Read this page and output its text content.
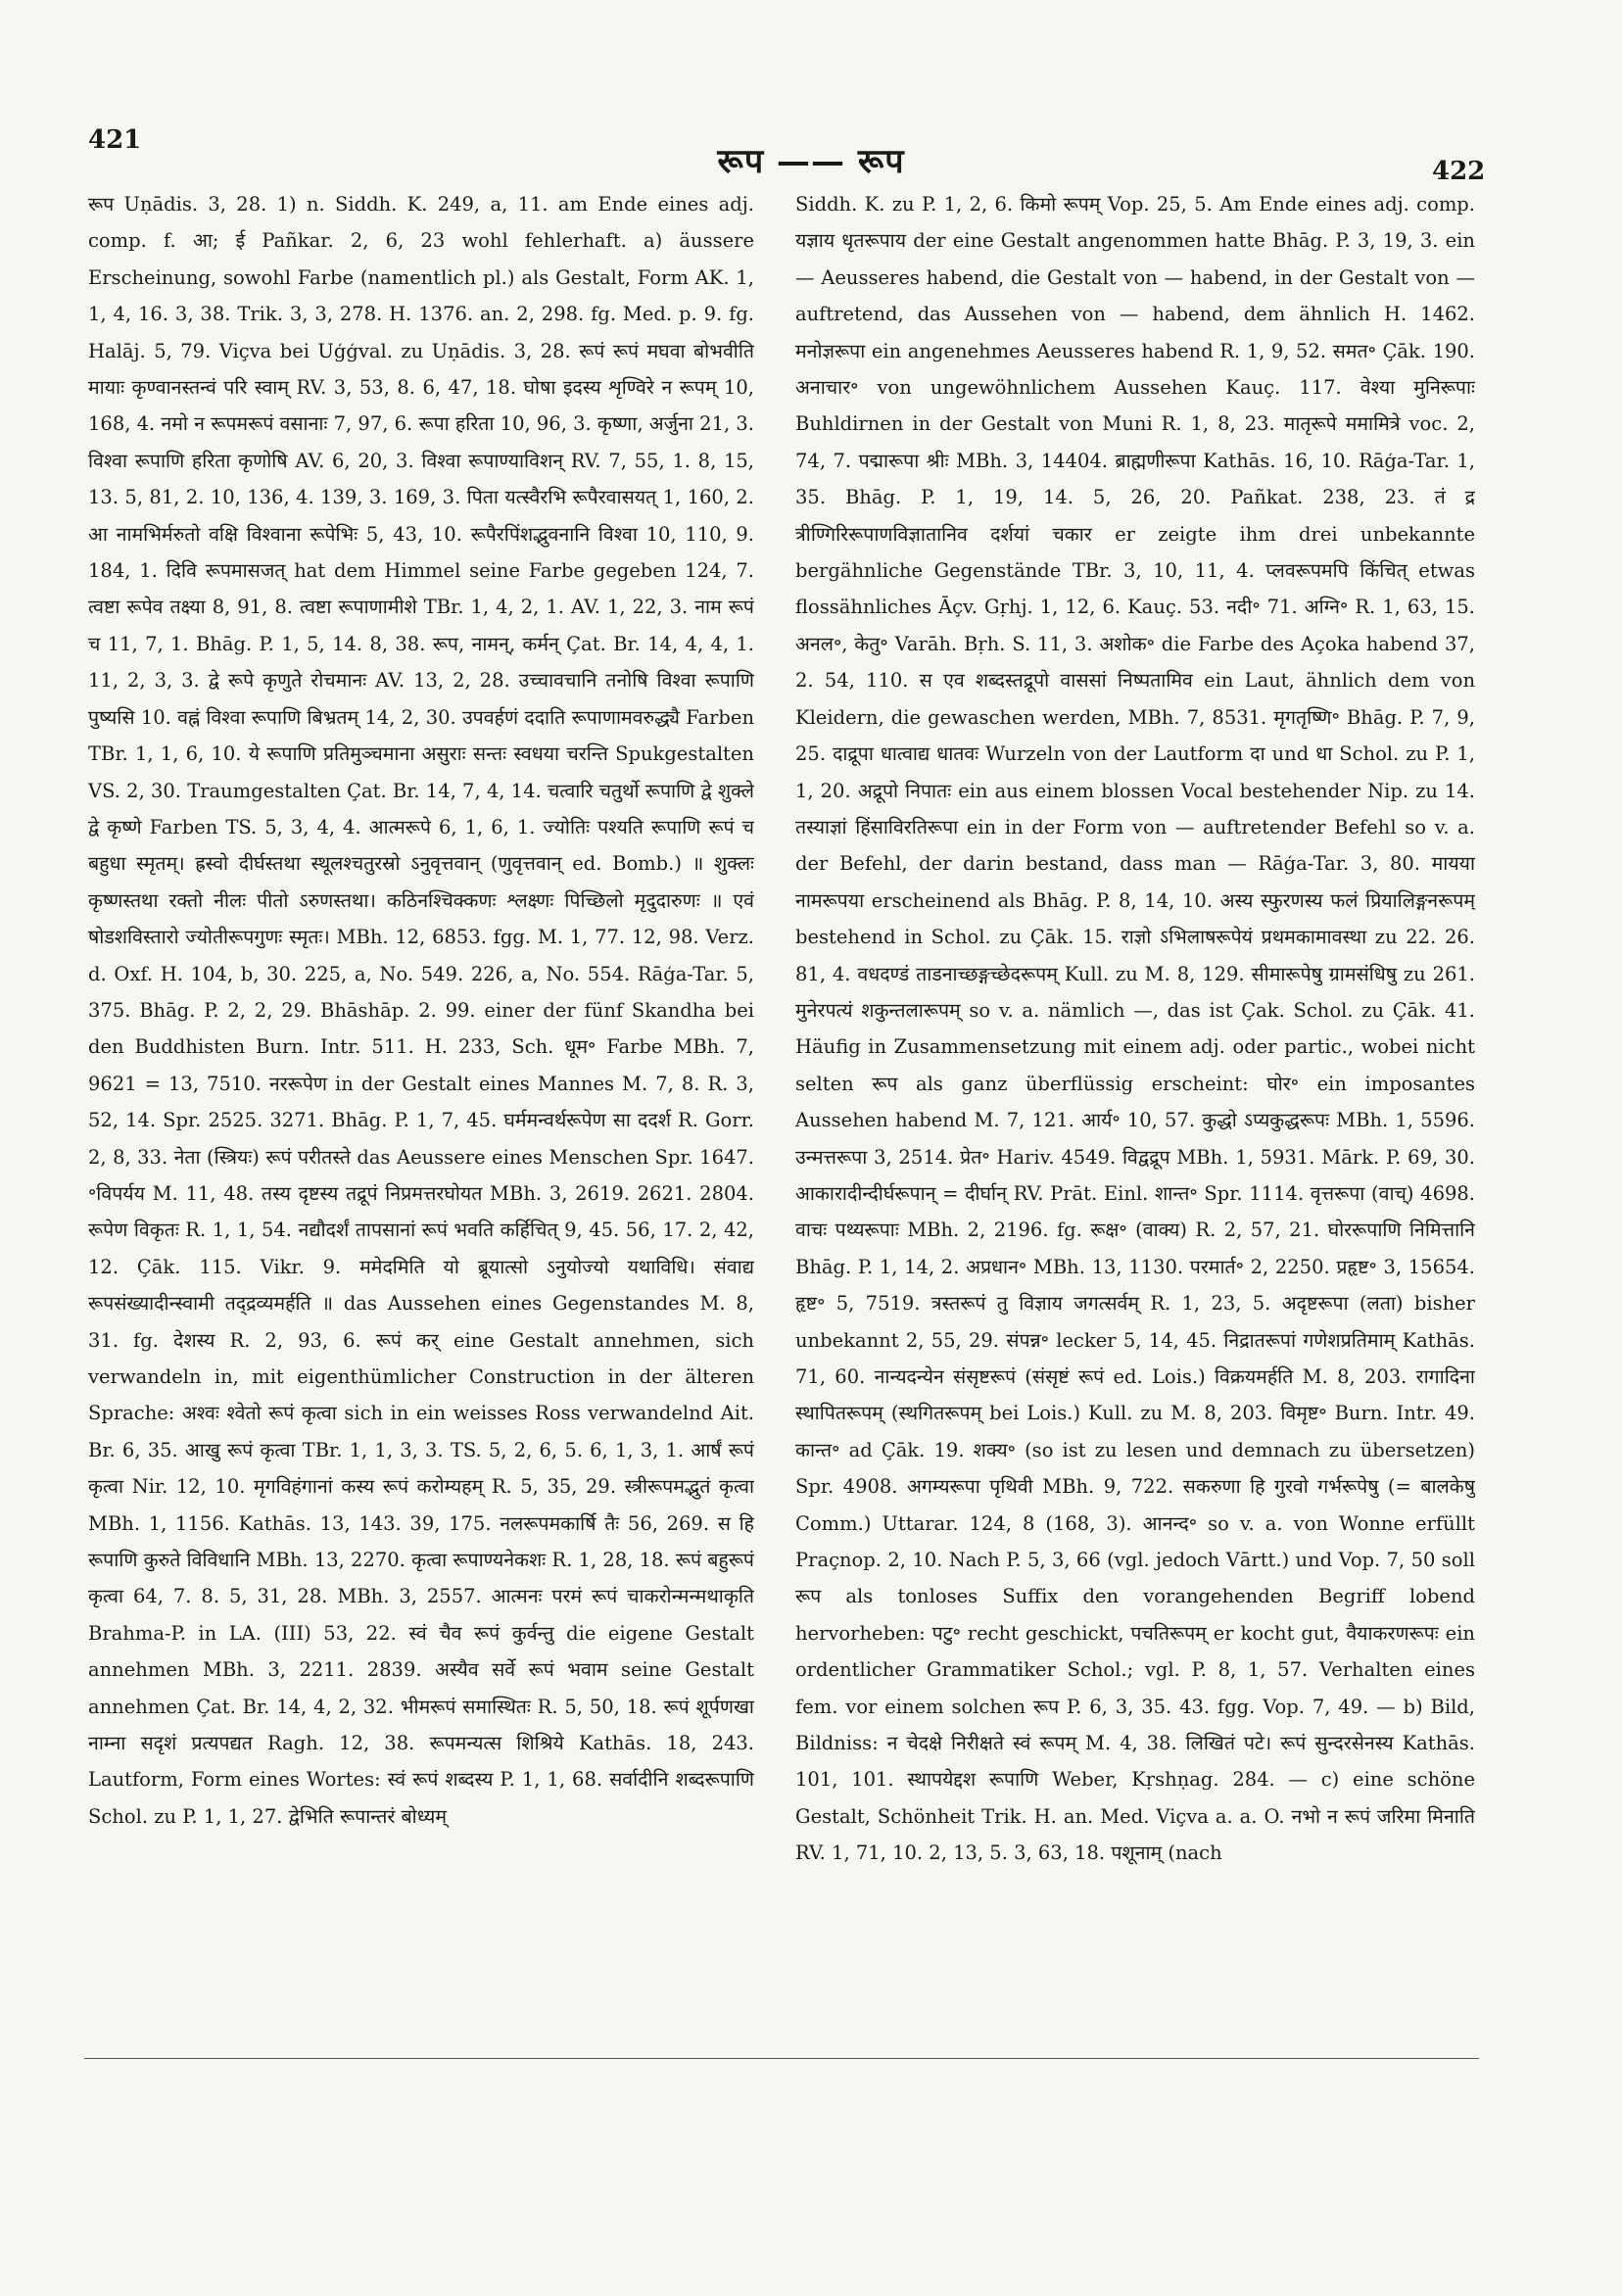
421
रूप —— रूप	422

रूप Uṇādis. 3, 28. 1) n. Siddh. K. 249, a, 11. am Ende eines adj. comp. f. आ; ई Pañkar. 2, 6, 23 wohl fehlerhaft. a) äussere Erscheinung, sowohl Farbe (namentlich pl.) als Gestalt, Form AK. 1, 1, 4, 16. 3, 38. Trik. 3, 3, 278. H. 1376. an. 2, 298. fg. Med. p. 9. fg. Halāj. 5, 79. Viçva bei Uģģval. zu Uṇādis. 3, 28. रूपं रूपं मघवा बोभवीति मायाः कृण्वानस्तन्वं परि स्वाम् RV. 3, 53, 8. 6, 47, 18. घोषा इदस्य शृण्विरे न रूपम् 10, 168, 4. नमो न रूपमरूपं वसानाः 7, 97, 6. रूपा हरिता 10, 96, 3. कृष्णा, अर्जुना 21, 3. विश्वा रूपाणि हरिता कृणोषि AV. 6, 20, 3. विश्वा रूपाण्याविशन् RV. 7, 55, 1. 8, 15, 13. 5, 81, 2. 10, 136, 4. 139, 3. 169, 3. पिता यत्स्वैरभि रूपैरवासयत् 1, 160, 2. आ नामभिर्मरुतो वक्षि विश्वाना रूपेभिः 5, 43, 10. रूपैरपिंशद्भुवनानि विश्वा 10, 110, 9. 184, 1. दिवि रूपमासजत् hat dem Himmel seine Farbe gegeben 124, 7. त्वष्टा रूपेव तक्ष्या 8, 91, 8. त्वष्टा रूपाणामीशे TBr. 1, 4, 2, 1. AV. 1, 22, 3. नाम रूपं च 11, 7, 1. Bhāg. P. 1, 5, 14. 8, 38. रूप, नामन्, कर्मन् Çat. Br. 14, 4, 4, 1. 11, 2, 3, 3. द्वे रूपे कृणुते रोचमानः AV. 13, 2, 28. उच्चावचानि तनोषि विश्वा रूपाणि पुष्यसि 10. वह्नं विश्वा रूपाणि बिभ्रतम् 14, 2, 30. उपवर्हणं ददाति रूपाणामवरुद्ध्यै Farben TBr. 1, 1, 6, 10. ये रूपाणि प्रतिमुञ्चमाना असुराः सन्तः स्वधया चरन्ति Spukgestalten VS. 2, 30. Traumgestalten Çat. Br. 14, 7, 4, 14. चत्वारि चतुर्थो रूपाणि द्वे शुक्ले द्वे कृष्णे Farben TS. 5, 3, 4, 4. आत्मरूपे 6, 1, 6, 1. ज्योतिः पश्यति रूपाणि रूपं च बहुधा स्मृतम्। ह्रस्वो दीर्घस्तथा स्थूलश्चतुरस्रो ऽनुवृत्तवान् (णुवृत्तवान् ed. Bomb.) ॥ शुक्लः कृष्णस्तथा रक्तो नीलः पीतो ऽरुणस्तथा। कठिनश्चिक्कणः श्लक्ष्णः पिच्छिलो मृदुदारुणः ॥ एवं षोडशविस्तारो ज्योतीरूपगुणः स्मृतः। MBh. 12, 6853. fgg. M. 1, 77. 12, 98. Verz. d. Oxf. H. 104, b, 30. 225, a, No. 549. 226, a, No. 554. Rāģa-Tar. 5, 375. Bhāg. P. 2, 2, 29. Bhāshāp. 2. 99. einer der fünf Skandha bei den Buddhisten Burn. Intr. 511. H. 233, Sch. धूम॰ Farbe MBh. 7, 9621 = 13, 7510. नररूपेण in der Gestalt eines Mannes M. 7, 8. R. 3, 52, 14. Spr. 2525. 3271. Bhāg. P. 1, 7, 45. घर्ममन्वर्थरूपेण सा ददर्श R. Gorr. 2, 8, 33. नेता (स्त्रियः) रूपं परीतस्ते das Aeussere eines Menschen Spr. 1647. ॰विपर्यय M. 11, 48. तस्य दृष्टस्य तद्रूपं निप्रमत्तरघोयत MBh. 3, 2619. 2621. 2804. रूपेण विकृतः R. 1, 1, 54. नद्यौदर्शं तापसानां रूपं भवति कर्हिचित् 9, 45. 56, 17. 2, 42, 12. Çāk. 115. Vikr. 9. ममेदमिति यो ब्रूयात्सो ऽनुयोज्यो यथाविधि। संवाद्य रूपसंख्यादीन्स्वामी तद्द्रव्यमर्हति ॥ das Aussehen eines Gegenstandes M. 8, 31. fg. देशस्य R. 2, 93, 6. रूपं कर् eine Gestalt annehmen, sich verwandeln in, mit eigenthümlicher Construction in der älteren Sprache: अश्वः श्वेतो रूपं कृत्वा sich in ein weisses Ross verwandelnd Ait. Br. 6, 35. आखु रूपं कृत्वा TBr. 1, 1, 3, 3. TS. 5, 2, 6, 5. 6, 1, 3, 1. आर्षं रूपं कृत्वा Nir. 12, 10. मृगविहंगानां कस्य रूपं करोम्यहम् R. 5, 35, 29. स्त्रीरूपमद्भुतं कृत्वा MBh. 1, 1156. Kathās. 13, 143. 39, 175. नलरूपमकार्षि तैः 56, 269. स हि रूपाणि कुरुते विविधानि MBh. 13, 2270. कृत्वा रूपाण्यनेकशः R. 1, 28, 18. रूपं बहुरूपं कृत्वा 64, 7. 8. 5, 31, 28. MBh. 3, 2557. आत्मनः परमं रूपं चाकरोन्मन्मथाकृति Brahma-P. in LA. (III) 53, 22. स्वं चैव रूपं कुर्वन्तु die eigene Gestalt annehmen MBh. 3, 2211. 2839. अस्यैव सर्वे रूपं भवाम seine Gestalt annehmen Çat. Br. 14, 4, 2, 32. भीमरूपं समास्थितः R. 5, 50, 18. रूपं शूर्पणखा नाम्ना सदृशं प्रत्यपद्यत Ragh. 12, 38. रूपमन्यत्स शिश्रिये Kathās. 18, 243. Lautform, Form eines Wortes: स्वं रूपं शब्दस्य P. 1, 1, 68. सर्वादीनि शब्दरूपाणि Schol. zu P. 1, 1, 27. द्वेभिति रूपान्तरं बोध्यम्

Siddh. K. zu P. 1, 2, 6. किमो रूपम् Vop. 25, 5. Am Ende eines adj. comp. यज्ञाय धृतरूपाय der eine Gestalt angenommen hatte Bhāg. P. 3, 19, 3. ein — Aeusseres habend, die Gestalt von — habend, in der Gestalt von — auftretend, das Aussehen von — habend, dem ähnlich H. 1462. मनोज्ञरूपा ein angenehmes Aeusseres habend R. 1, 9, 52. समत॰ Çāk. 190. अनाचार॰ von ungewöhnlichem Aussehen Kauç. 117. वेश्या मुनिरूपाः Buhldirnen in der Gestalt von Muni R. 1, 8, 23. मातृरूपे ममामित्रे voc. 2, 74, 7. पद्मारूपा श्रीः MBh. 3, 14404. ब्राह्मणीरूपा Kathās. 16, 10. Rāģa-Tar. 1, 35. Bhāg. P. 1, 19, 14. 5, 26, 20. Pañkat. 238, 23. तं द्र त्रीण्गिरिरूपाणविज्ञातानिव दर्शयां चकार er zeigte ihm drei unbekannte bergähnliche Gegenstände TBr. 3, 10, 11, 4. प्लवरूपमपि किंचित् etwas flossähnliches Āçv. Gṛhj. 1, 12, 6. Kauç. 53. नदी॰ 71. अग्नि॰ R. 1, 63, 15. अनल॰, केतु॰ Varāh. Bṛh. S. 11, 3. अशोक॰ die Farbe des Açoka habend 37, 2. 54, 110. स एव शब्दस्तद्रूपो वाससां निष्पतामिव ein Laut, ähnlich dem von Kleidern, die gewaschen werden, MBh. 7, 8531. मृगतृष्णि॰ Bhāg. P. 7, 9, 25. दाद्रूपा धात्वाद्य धातवः Wurzeln von der Lautform दा und धा Schol. zu P. 1, 1, 20. अद्रूपो निपातः ein aus einem blossen Vocal bestehender Nip. zu 14. तस्याज्ञां हिंसाविरतिरूपा ein in der Form von — auftretender Befehl so v. a. der Befehl, der darin bestand, dass man — Rāģa-Tar. 3, 80. मायया नामरूपया erscheinend als Bhāg. P. 8, 14, 10. अस्य स्फुरणस्य फलं प्रियालिङ्गनरूपम् bestehend in Schol. zu Çāk. 15. राज्ञो ऽभिलाषरूपेयं प्रथमकामावस्था zu 22. 26. 81, 4. वधदण्डं ताडनाच्छङ्गच्छेदरूपम् Kull. zu M. 8, 129. सीमारूपेषु ग्रामसंधिषु zu 261. मुनेरपत्यं शकुन्तलारूपम् so v. a. nämlich —, das ist Çak. Schol. zu Çāk. 41. Häufig in Zusammensetzung mit einem adj. oder partic., wobei nicht selten रूप als ganz überflüssig erscheint: घोर॰ ein imposantes Aussehen habend M. 7, 121. आर्य॰ 10, 57. कुद्धो ऽप्यकुद्धरूपः MBh. 1, 5596. उन्मत्तरूपा 3, 2514. प्रेत॰ Hariv. 4549. विद्वद्रूप MBh. 1, 5931. Mārk. P. 69, 30. आकारादीन्दीर्घरूपान् = दीर्घान् RV. Prāt. Einl. शान्त॰ Spr. 1114. वृत्तरूपा (वाच्) 4698. वाचः पथ्यरूपाः MBh. 2, 2196. fg. रूक्ष॰ (वाक्य) R. 2, 57, 21. घोररूपाणि निमित्तानि Bhāg. P. 1, 14, 2. अप्रधान॰ MBh. 13, 1130. परमार्त॰ 2, 2250. प्रहृष्ट॰ 3, 15654. हृष्ट॰ 5, 7519. त्रस्तरूपं तु विज्ञाय जगत्सर्वम् R. 1, 23, 5. अदृष्टरूपा (लता) bisher unbekannt 2, 55, 29. संपन्न॰ lecker 5, 14, 45. निद्रातरूपां गणेशप्रतिमाम् Kathās. 71, 60. नान्यदन्येन संसृष्टरूपं (संसृष्टं रूपं ed. Lois.) विक्रयमर्हति M. 8, 203. रागादिना स्थापितरूपम् (स्थगितरूपम् bei Lois.) Kull. zu M. 8, 203. विमृष्ट॰ Burn. Intr. 49. कान्त॰ ad Çāk. 19. शक्य॰ (so ist zu lesen und demnach zu übersetzen) Spr. 4908. अगम्यरूपा पृथिवी MBh. 9, 722. सकरुणा हि गुरवो गर्भरूपेषु (= बालकेषु Comm.) Uttarar. 124, 8 (168, 3). आनन्द॰ so v. a. von Wonne erfüllt Praçnop. 2, 10. Nach P. 5, 3, 66 (vgl. jedoch Vārtt.) und Vop. 7, 50 soll रूप als tonloses Suffix den vorangehenden Begriff lobend hervorheben: पटु॰ recht geschickt, पचतिरूपम् er kocht gut, वैयाकरणरूपः ein ordentlicher Grammatiker Schol.; vgl. P. 8, 1, 57. Verhalten eines fem. vor einem solchen रूप P. 6, 3, 35. 43. fgg. Vop. 7, 49. — b) Bild, Bildniss: न चेदक्षे निरीक्षते स्वं रूपम् M. 4, 38. लिखितं पटे। रूपं सुन्दरसेनस्य Kathās. 101, 101. स्थापयेद्दश रूपाणि Weber, Kṛshṇag. 284. — c) eine schöne Gestalt, Schönheit Trik. H. an. Med. Viçva a. a. O. नभो न रूपं जरिमा मिनाति RV. 1, 71, 10. 2, 13, 5. 3, 63, 18. पशूनाम् (nach
